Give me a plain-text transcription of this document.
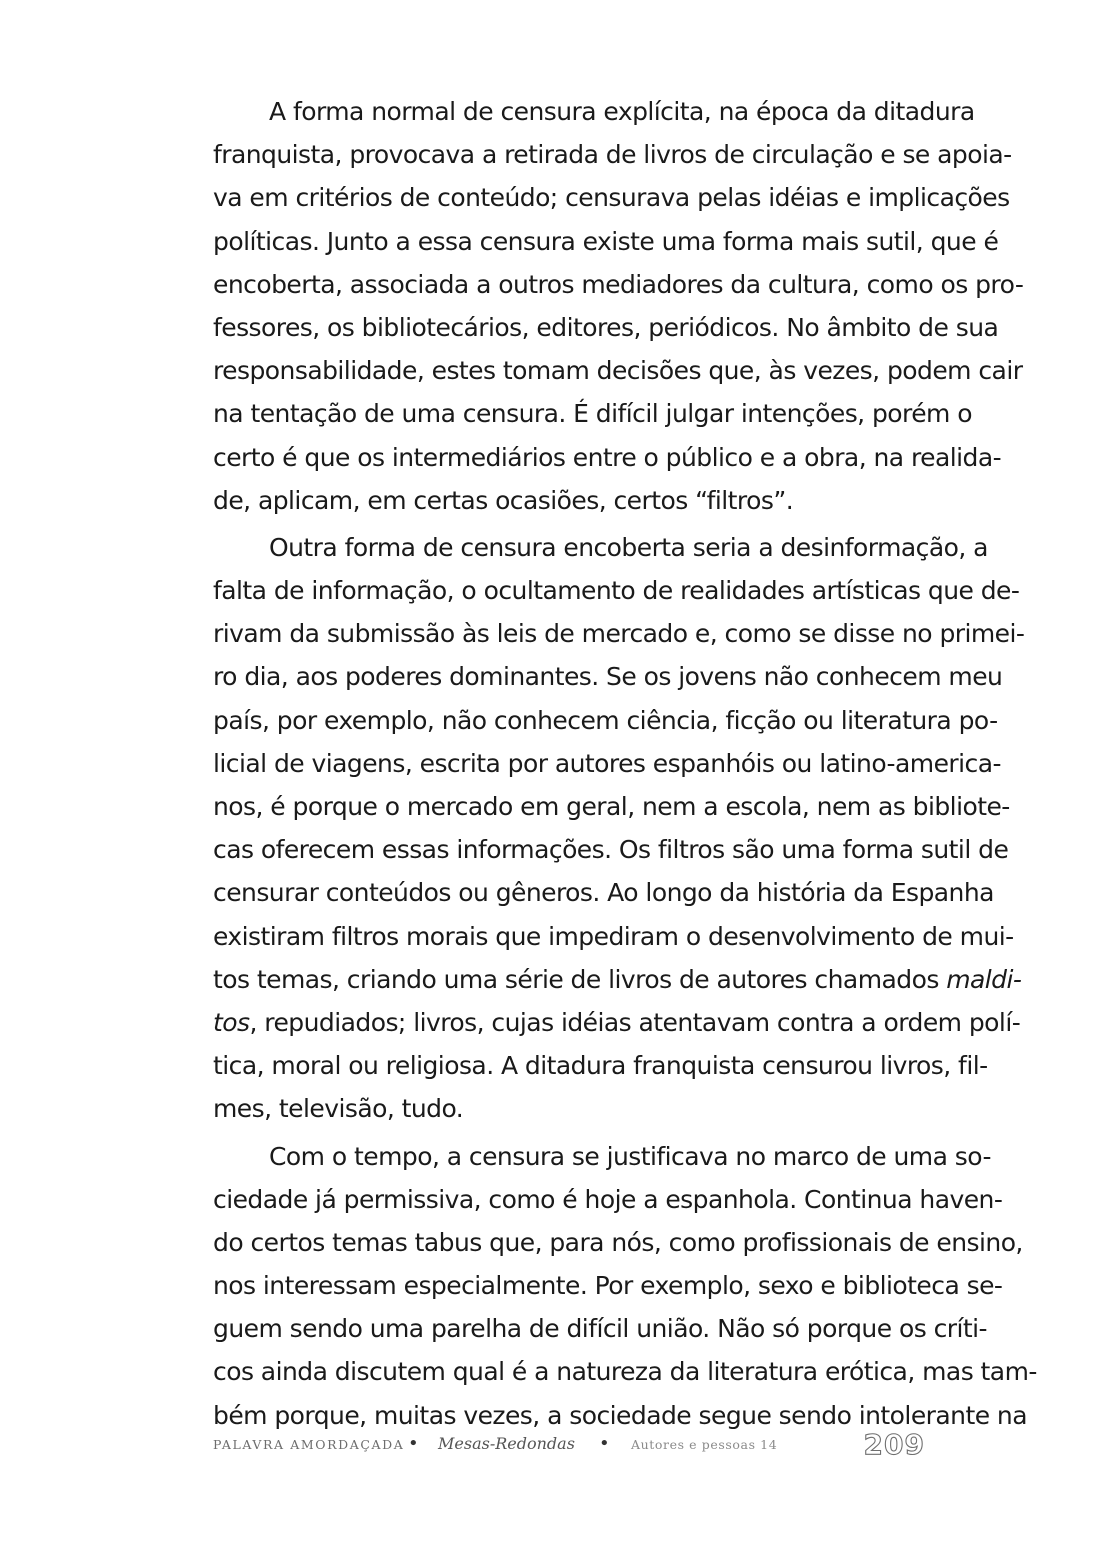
A forma normal de censura explícita, na época da ditadura
franquista, provocava a retirada de livros de circulação e se apoia-
va em critérios de conteúdo; censurava pelas idéias e implicações
políticas. Junto a essa censura existe uma forma mais sutil, que é
encoberta, associada a outros mediadores da cultura, como os pro-
fessores, os bibliotecários, editores, periódicos. No âmbito de sua
responsabilidade, estes tomam decisões que, às vezes, podem cair
na tentação de uma censura. É difícil julgar intenções, porém o
certo é que os intermediários entre o público e a obra, na realida-
de, aplicam, em certas ocasiões, certos “filtros”.
Outra forma de censura encoberta seria a desinformação, a
falta de informação, o ocultamento de realidades artísticas que de-
rivam da submissão às leis de mercado e, como se disse no primei-
ro dia, aos poderes dominantes. Se os jovens não conhecem meu
país, por exemplo, não conhecem ciência, ficção ou literatura po-
licial de viagens, escrita por autores espanhóis ou latino-america-
nos, é porque o mercado em geral, nem a escola, nem as bibliote-
cas oferecem essas informações. Os filtros são uma forma sutil de
censurar conteúdos ou gêneros. Ao longo da história da Espanha
existiram filtros morais que impediram o desenvolvimento de mui-
tos temas, criando uma série de livros de autores chamados maldi-
tos, repudiados; livros, cujas idéias atentavam contra a ordem polí-
tica, moral ou religiosa. A ditadura franquista censurou livros, fil-
mes, televisão, tudo.
Com o tempo, a censura se justificava no marco de uma so-
ciedade já permissiva, como é hoje a espanhola. Continua haven-
do certos temas tabus que, para nós, como profissionais de ensino,
nos interessam especialmente. Por exemplo, sexo e biblioteca se-
guem sendo uma parelha de difícil união. Não só porque os críti-
cos ainda discutem qual é a natureza da literatura erótica, mas tam-
bém porque, muitas vezes, a sociedade segue sendo intolerante na
PALAVRA AMORDAÇADA • Mesas-Redondas • Autores e pessoas 14	209
